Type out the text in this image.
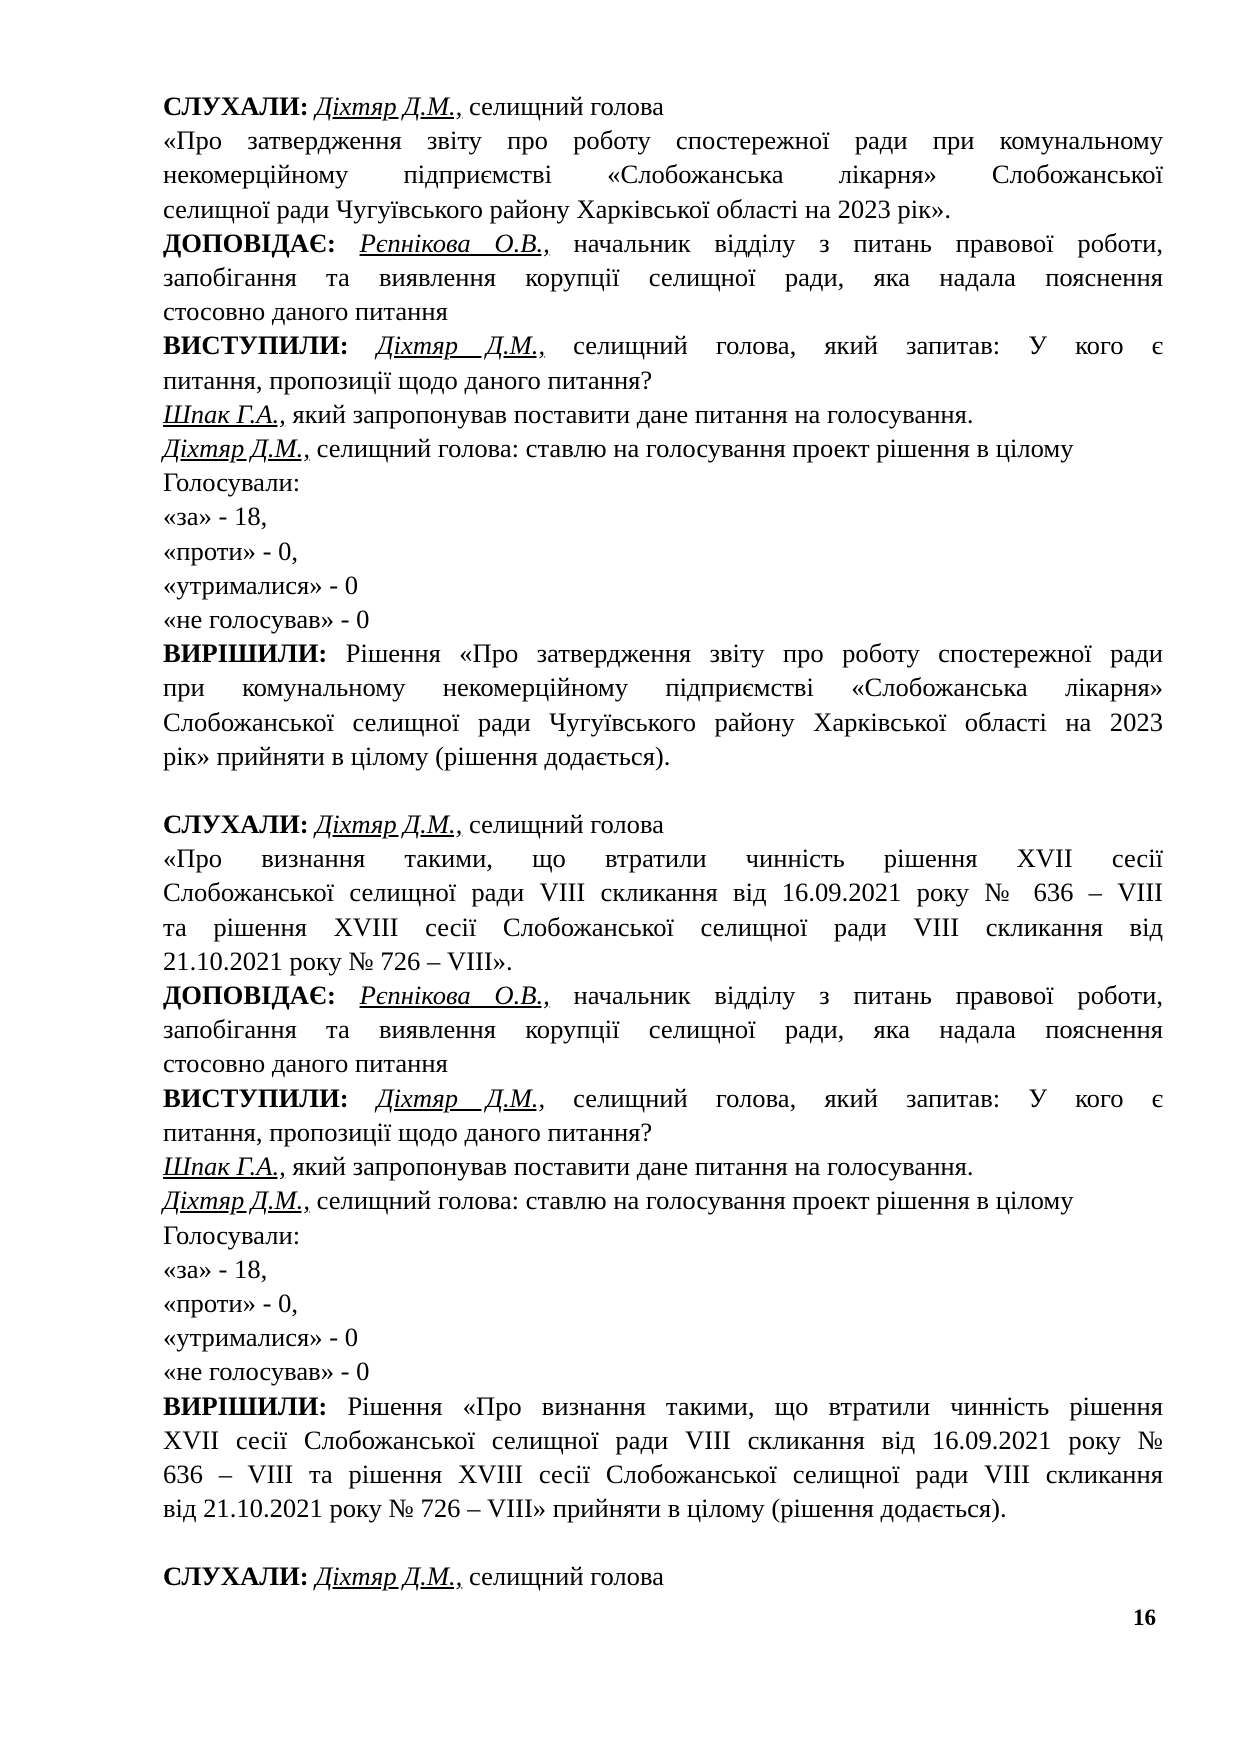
СЛУХАЛИ: Діхтяр Д.М., селищний голова
«Про затвердження звіту про роботу спостережної ради при комунальному
некомерційному підприємстві «Слобожанська лікарня» Слобожанської
селищної ради Чугуївського району Харківської області на 2023 рік».
ДОПОВІДАЄ: Рєпнікова О.В., начальник відділу з питань правової роботи,
запобігання та виявлення корупції селищної ради, яка надала пояснення
стосовно даного питання
ВИСТУПИЛИ: Діхтяр Д.М., селищний голова, який запитав: У кого є
питання, пропозиції щодо даного питання?
Шпак Г.А., який запропонував поставити дане питання на голосування.
Діхтяр Д.М., селищний голова: ставлю на голосування проект рішення в цілому
Голосували:
«за» - 18,
«проти» - 0,
«утрималися» - 0
«не голосував» - 0
ВИРІШИЛИ: Рішення «Про затвердження звіту про роботу спостережної ради
при комунальному некомерційному підприємстві «Слобожанська лікарня»
Слобожанської селищної ради Чугуївського району Харківської області на 2023
рік» прийняти в цілому (рішення додається).
СЛУХАЛИ: Діхтяр Д.М., селищний голова
«Про визнання такими, що втратили чинність рішення XVII сесії
Слобожанської селищної ради VIII скликання від 16.09.2021 року № 636 – VIII
та рішення XVIII сесії Слобожанської селищної ради VIII скликання від
21.10.2021 року № 726 – VIII».
ДОПОВІДАЄ: Рєпнікова О.В., начальник відділу з питань правової роботи,
запобігання та виявлення корупції селищної ради, яка надала пояснення
стосовно даного питання
ВИСТУПИЛИ: Діхтяр Д.М., селищний голова, який запитав: У кого є
питання, пропозиції щодо даного питання?
Шпак Г.А., який запропонував поставити дане питання на голосування.
Діхтяр Д.М., селищний голова: ставлю на голосування проект рішення в цілому
Голосували:
«за» - 18,
«проти» - 0,
«утрималися» - 0
«не голосував» - 0
ВИРІШИЛИ: Рішення «Про визнання такими, що втратили чинність рішення
XVII сесії Слобожанської селищної ради VIII скликання від 16.09.2021 року №
636 – VIII та рішення XVIII сесії Слобожанської селищної ради VIII скликання
від 21.10.2021 року № 726 – VIII» прийняти в цілому (рішення додається).
СЛУХАЛИ: Діхтяр Д.М., селищний голова
16
